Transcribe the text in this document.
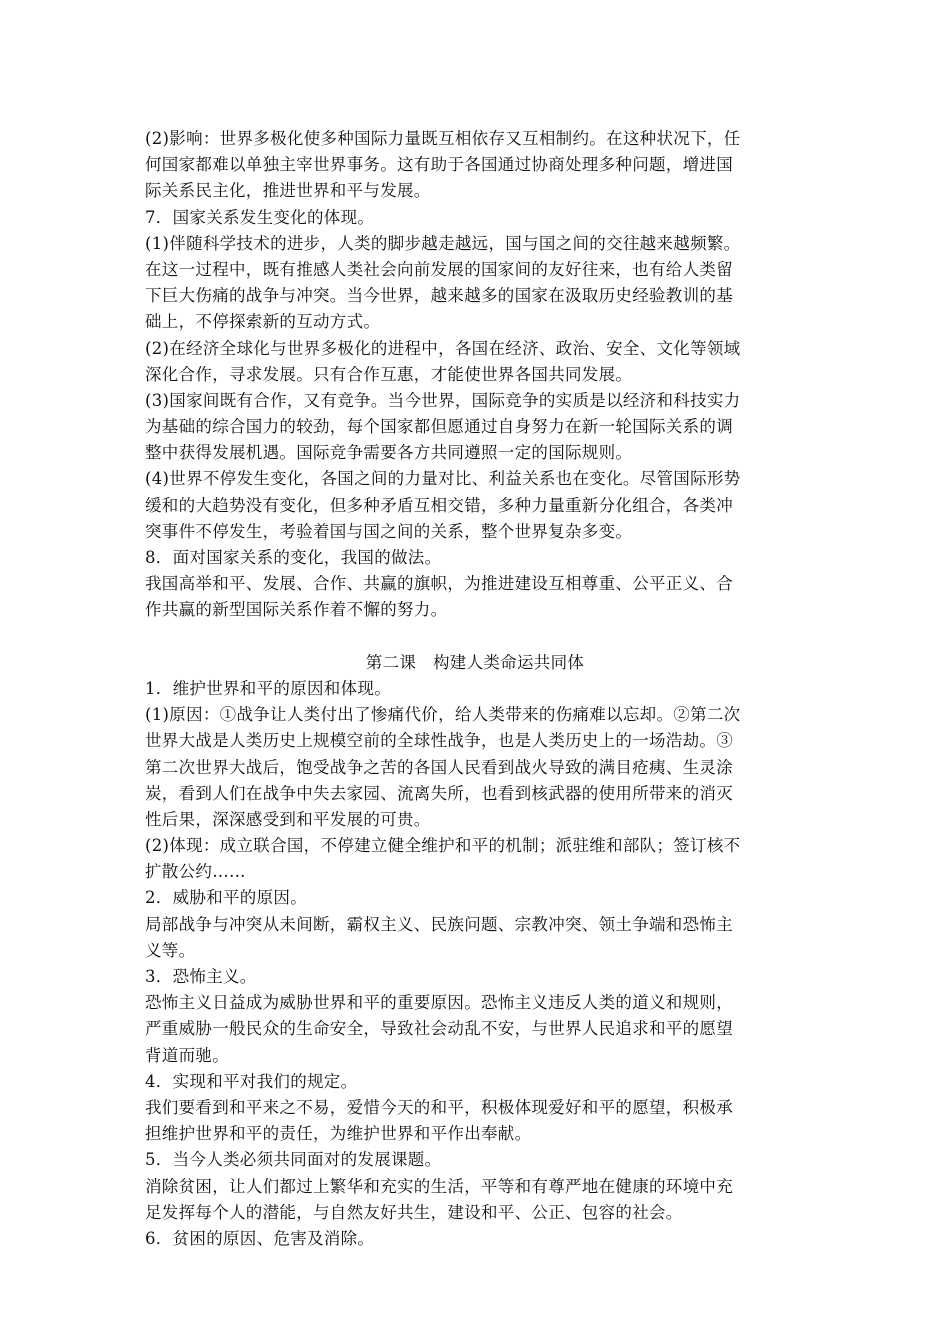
(2)影响：世界多极化使多种国际力量既互相依存又互相制约。在这种状况下，任
何国家都难以单独主宰世界事务。这有助于各国通过协商处理多种问题，增进国
际关系民主化，推进世界和平与发展。
7．国家关系发生变化的体现。
(1)伴随科学技术的进步，人类的脚步越走越远，国与国之间的交往越来越频繁。
在这一过程中，既有推感人类社会向前发展的国家间的友好往来，也有给人类留
下巨大伤痛的战争与冲突。当今世界，越来越多的国家在汲取历史经验教训的基
础上，不停探索新的互动方式。
(2)在经济全球化与世界多极化的进程中，各国在经济、政治、安全、文化等领域
深化合作，寻求发展。只有合作互惠，才能使世界各国共同发展。
(3)国家间既有合作，又有竞争。当今世界，国际竞争的实质是以经济和科技实力
为基础的综合国力的较劲，每个国家都但愿通过自身努力在新一轮国际关系的调
整中获得发展机遇。国际竞争需要各方共同遵照一定的国际规则。
(4)世界不停发生变化，各国之间的力量对比、利益关系也在变化。尽管国际形势
缓和的大趋势没有变化，但多种矛盾互相交错，多种力量重新分化组合，各类冲
突事件不停发生，考验着国与国之间的关系，整个世界复杂多变。
8．面对国家关系的变化，我国的做法。
我国高举和平、发展、合作、共赢的旗帜，为推进建设互相尊重、公平正义、合
作共赢的新型国际关系作着不懈的努力。
第二课　构建人类命运共同体
1．维护世界和平的原因和体现。
(1)原因：①战争让人类付出了惨痛代价，给人类带来的伤痛难以忘却。②第二次
世界大战是人类历史上规模空前的全球性战争，也是人类历史上的一场浩劫。③
第二次世界大战后，饱受战争之苦的各国人民看到战火导致的满目疮痍、生灵涂
炭，看到人们在战争中失去家园、流离失所，也看到核武器的使用所带来的消灭
性后果，深深感受到和平发展的可贵。
(2)体现：成立联合国，不停建立健全维护和平的机制；派驻维和部队；签订核不
扩散公约……
2．威胁和平的原因。
局部战争与冲突从未间断，霸权主义、民族问题、宗教冲突、领土争端和恐怖主
义等。
3．恐怖主义。
恐怖主义日益成为威胁世界和平的重要原因。恐怖主义违反人类的道义和规则，
严重威胁一般民众的生命安全，导致社会动乱不安，与世界人民追求和平的愿望
背道而驰。
4．实现和平对我们的规定。
我们要看到和平来之不易，爱惜今天的和平，积极体现爱好和平的愿望，积极承
担维护世界和平的责任，为维护世界和平作出奉献。
5．当今人类必须共同面对的发展课题。
消除贫困，让人们都过上繁华和充实的生活，平等和有尊严地在健康的环境中充
足发挥每个人的潜能，与自然友好共生，建设和平、公正、包容的社会。
6．贫困的原因、危害及消除。
